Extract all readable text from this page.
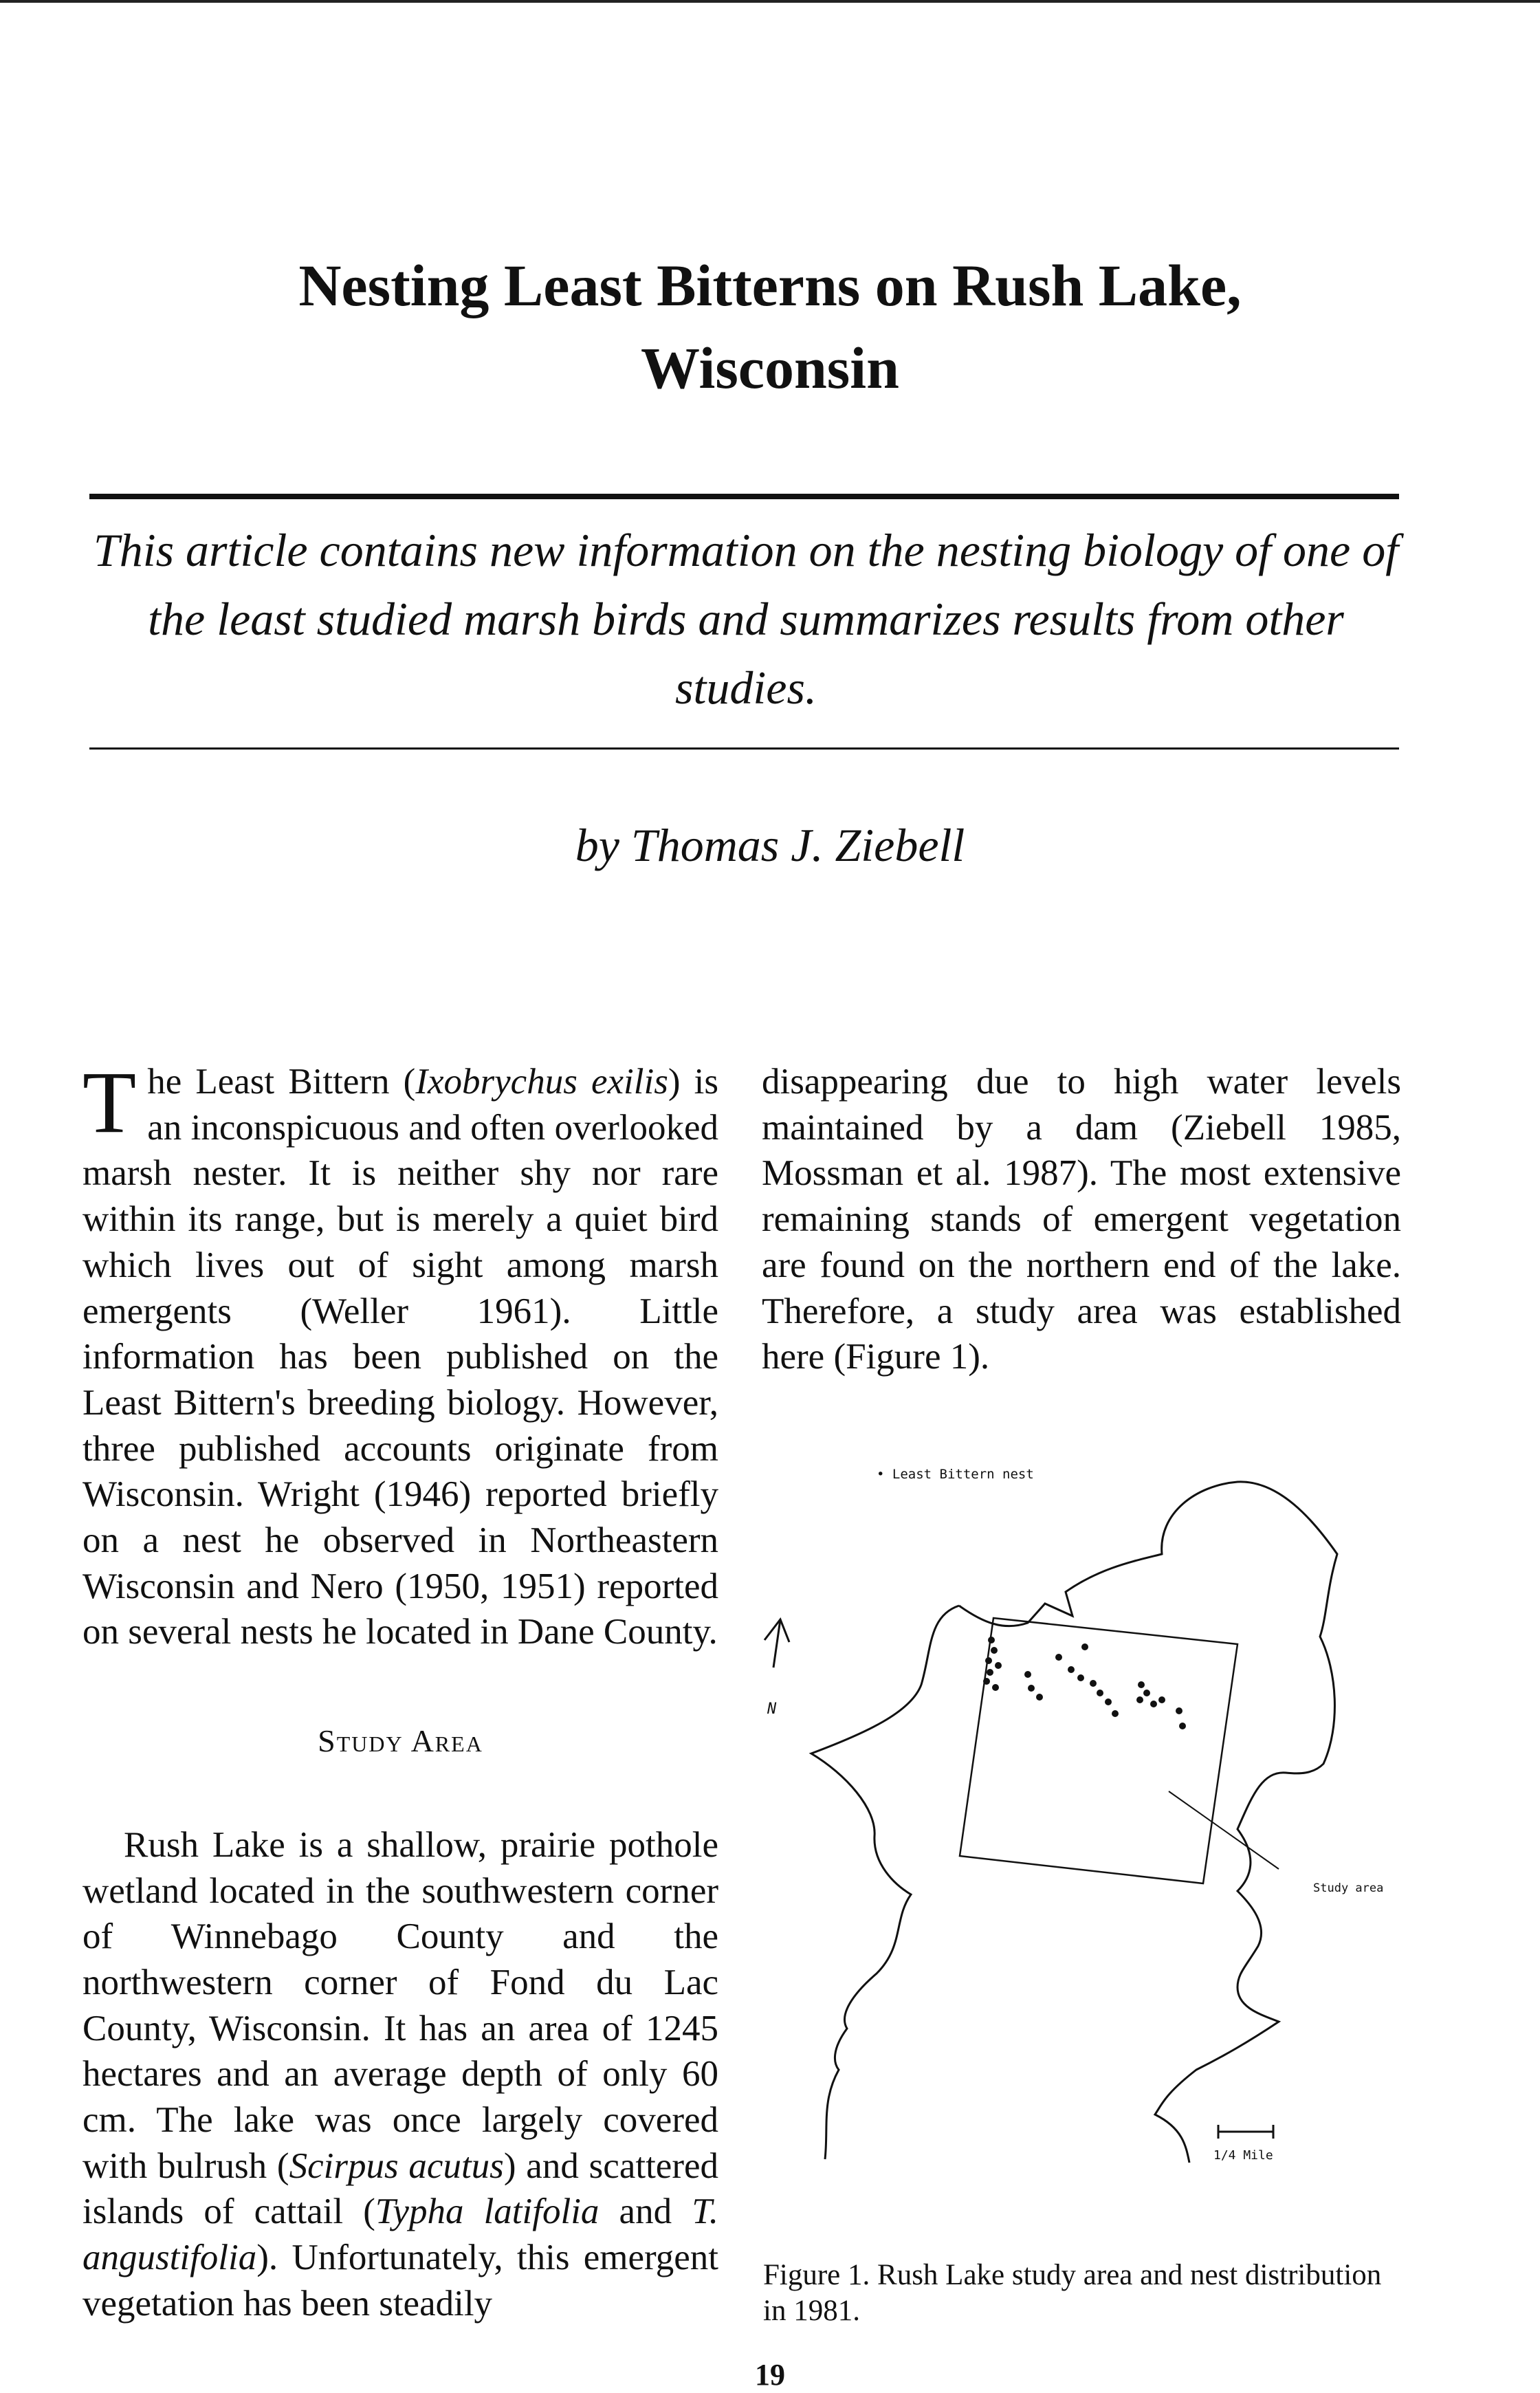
Nesting Least Bitterns on Rush Lake,
Wisconsin

This article contains new information on the nesting biology of one of the least studied marsh birds and summarizes results from other studies.

by Thomas J. Ziebell

The Least Bittern (Ixobrychus exilis) is an inconspicuous and often overlooked marsh nester. It is neither shy nor rare within its range, but is merely a quiet bird which lives out of sight among marsh emergents (Weller 1961). Little information has been published on the Least Bittern's breeding biology. However, three published accounts originate from Wisconsin. Wright (1946) reported briefly on a nest he observed in Northeastern Wisconsin and Nero (1950, 1951) reported on several nests he located in Dane County.

Study Area

Rush Lake is a shallow, prairie pothole wetland located in the southwestern corner of Winnebago County and the northwestern corner of Fond du Lac County, Wisconsin. It has an area of 1245 hectares and an average depth of only 60 cm. The lake was once largely covered with bulrush (Scirpus acutus) and scattered islands of cattail (Typha latifolia and T. angustifolia). Unfortunately, this emergent vegetation has been steadily

disappearing due to high water levels maintained by a dam (Ziebell 1985, Mossman et al. 1987). The most extensive remaining stands of emergent vegetation are found on the northern end of the lake. Therefore, a study area was established here (Figure 1).

• Least Bittern nest
N
Study area
1/4 Mile

Figure 1. Rush Lake study area and nest distribution in 1981.

19
